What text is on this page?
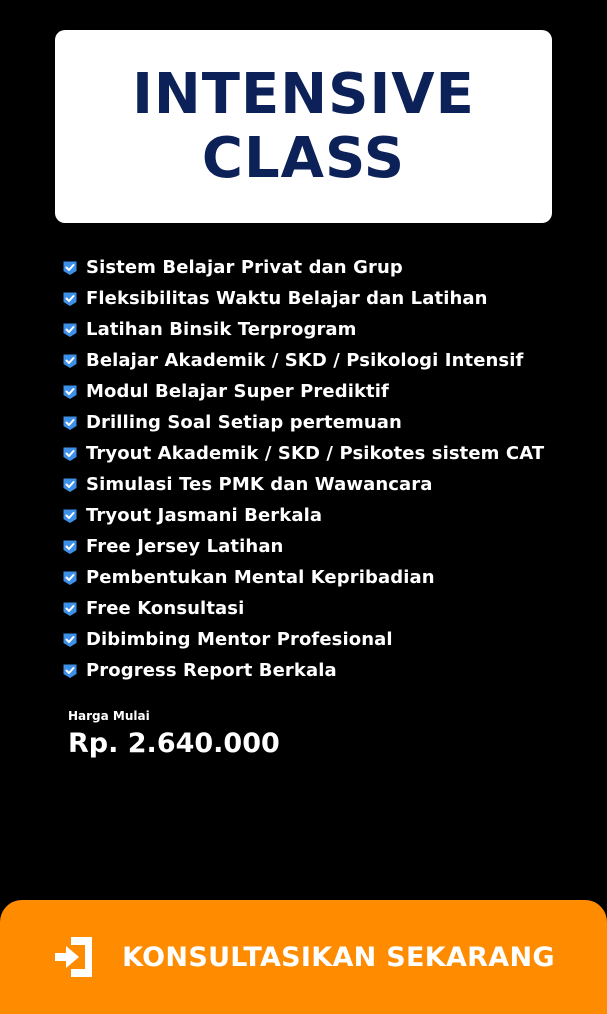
INTENSIVE
CLASS
Sistem Belajar Privat dan Grup
Fleksibilitas Waktu Belajar dan Latihan
Latihan Binsik Terprogram
Belajar Akademik / SKD / Psikologi Intensif
Modul Belajar Super Prediktif
Drilling Soal Setiap pertemuan
Tryout Akademik / SKD / Psikotes sistem CAT
Simulasi Tes PMK dan Wawancara
Tryout Jasmani Berkala
Free Jersey Latihan
Pembentukan Mental Kepribadian
Free Konsultasi
Dibimbing Mentor Profesional
Progress Report Berkala
Harga Mulai
Rp. 2.640.000
KONSULTASIKAN SEKARANG
